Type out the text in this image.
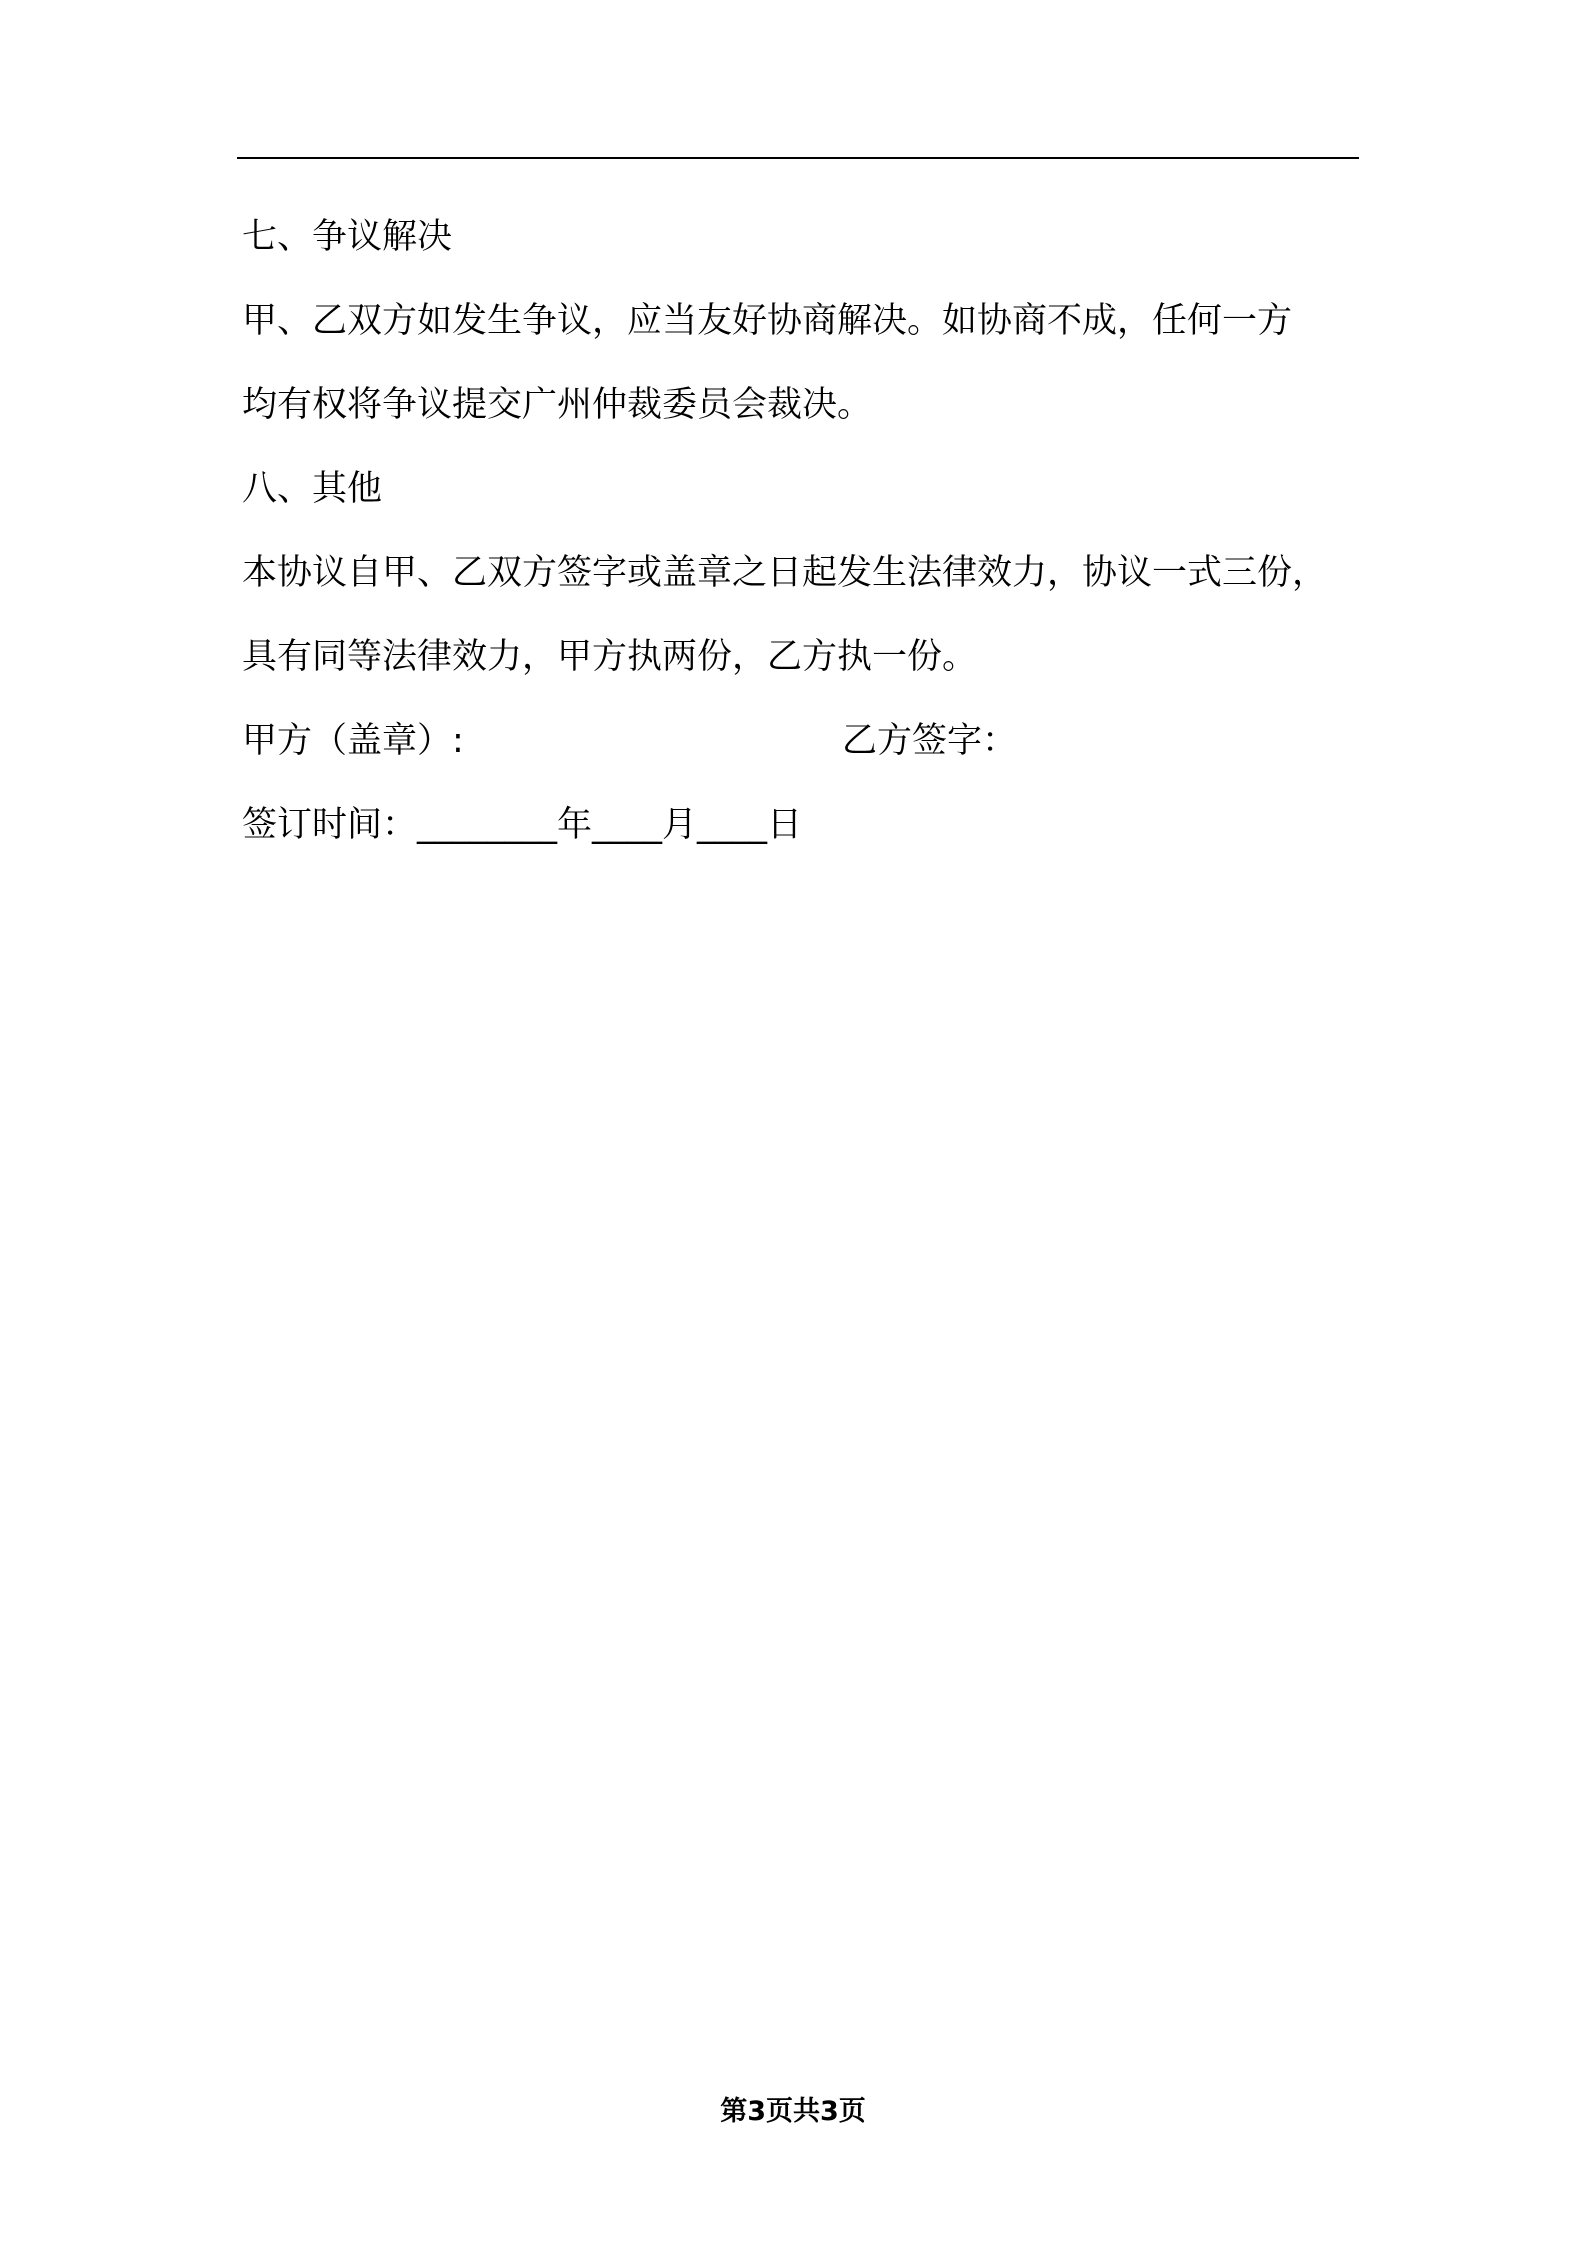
七、争议解决
甲、乙双方如发生争议，应当友好协商解决。如协商不成，任何一方
均有权将争议提交广州仲裁委员会裁决。
八、其他
本协议自甲、乙双方签字或盖章之日起发生法律效力，协议一式三份，
具有同等法律效力，甲方执两份，乙方执一份。
甲方（盖章）:	乙方签字：
签订时间：________年____月____日
第3页共3页
